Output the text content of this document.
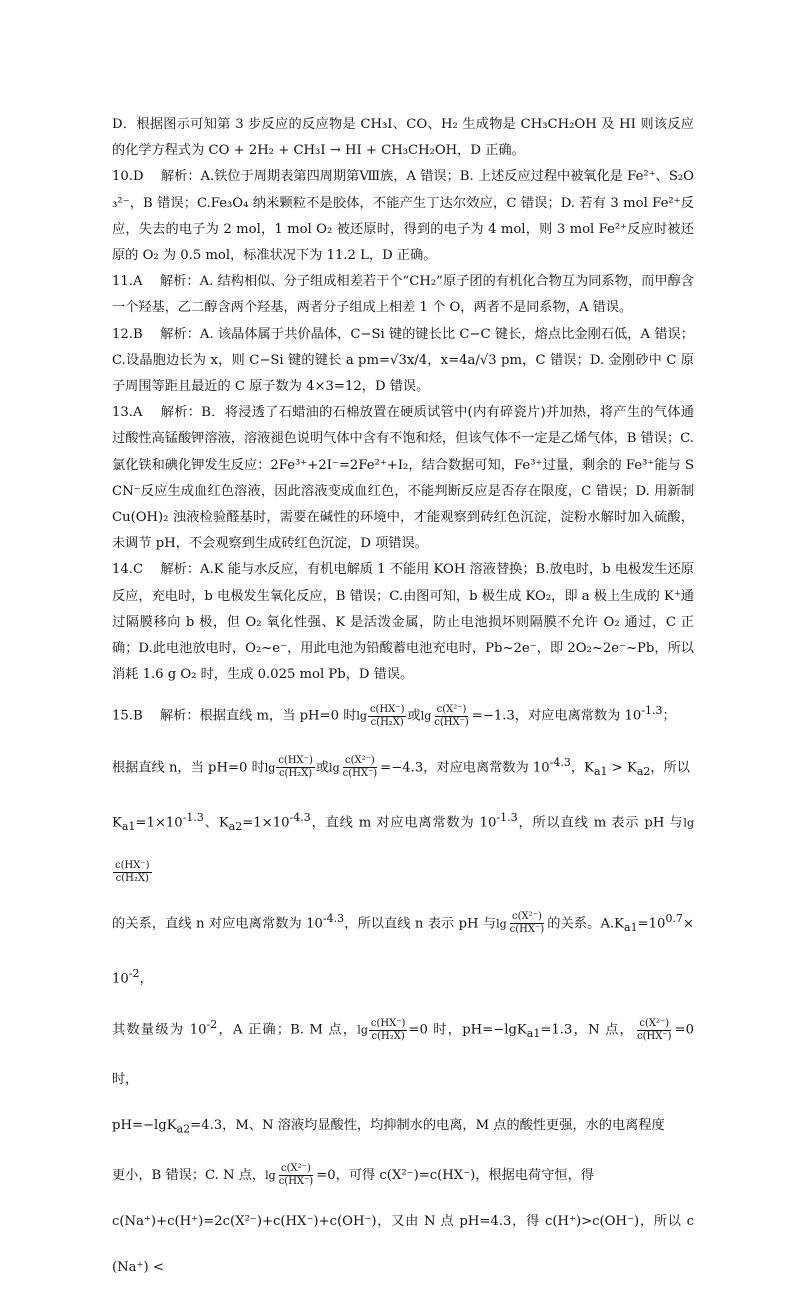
D．根据图示可知第 3 步反应的反应物是 CH₃I、CO、H₂ 生成物是 CH₃CH₂OH 及 HI 则该反应的化学方程式为 CO + 2H₂ + CH₃I → HI + CH₃CH₂OH，D 正确。

10.D　 解析：A.铁位于周期表第四周期第Ⅷ族，A 错误；B. 上述反应过程中被氧化是 Fe²⁺、S₂O₃²⁻，B 错误；C.Fe₃O₄ 纳米颗粒不是胶体，不能产生丁达尔效应，C 错误；D. 若有 3 mol Fe²⁺反应，失去的电子为 2 mol，1 mol O₂ 被还原时，得到的电子为 4 mol，则 3 mol Fe²⁺反应时被还原的 O₂ 为 0.5 mol，标准状况下为 11.2 L，D 正确。

11.A　 解析：A. 结构相似、分子组成相差若干个“CH₂”原子团的有机化合物互为同系物，而甲醇含一个羟基，乙二醇含两个羟基，两者分子组成上相差 1 个 O，两者不是同系物，A 错误。

12.B　 解析：A. 该晶体属于共价晶体，C−Si 键的键长比 C−C 键长，熔点比金刚石低，A 错误；C.设晶胞边长为 x，则 C−Si 键的键长 a pm=√3x/4，x=4a/√3 pm，C 错误；D. 金刚砂中 C 原子周围等距且最近的 C 原子数为 4×3=12，D 错误。

13.A　 解析：B．将浸透了石蜡油的石棉放置在硬质试管中(内有碎瓷片)并加热，将产生的气体通过酸性高锰酸钾溶液，溶液褪色说明气体中含有不饱和烃，但该气体不一定是乙烯气体，B 错误；C.氯化铁和碘化钾发生反应：2Fe³⁺+2I⁻=2Fe²⁺+I₂，结合数据可知，Fe³⁺过量，剩余的 Fe³⁺能与 SCN⁻反应生成血红色溶液，因此溶液变成血红色，不能判断反应是否存在限度，C 错误；D. 用新制 Cu(OH)₂ 浊液检验醛基时，需要在碱性的环境中，才能观察到砖红色沉淀，淀粉水解时加入硫酸，未调节 pH，不会观察到生成砖红色沉淀，D 项错误。

14.C　 解析：A.K 能与水反应，有机电解质 1 不能用 KOH 溶液替换；B.放电时，b 电极发生还原反应，充电时，b 电极发生氧化反应，B 错误；C.由图可知，b 极生成 KO₂，即 a 极上生成的 K⁺通过隔膜移向 b 极，但 O₂ 氧化性强、K 是活泼金属，防止电池损坏则隔膜不允许 O₂ 通过，C 正确；D.此电池放电时，O₂~e⁻，用此电池为铅酸蓄电池充电时，Pb~2e⁻，即 2O₂~2e⁻~Pb，所以消耗 1.6 g O₂ 时，生成 0.025 mol Pb，D 错误。

15.B　 解析：根据直线 m，当 pH=0 时$\lg \frac{c(HX^-)}{\text{c(H₂X)}}$ 或$\lg \frac{\text{c(X²⁻)}}{c(HX^-)} =-1.3$，对应电离常数为 $10^{-1.3}$；
根据直线 n，当 pH=0 时$\lg \frac{c(HX^-)}{\text{c(H₂X)}}$ 或$\lg \frac{\text{c(X²⁻)}}{c(HX^-)} =-4.3$，对应电离常数为 $10^{-4.3}$，$K_{a1} > K_{a2}$，所以
$K_{a1}=1\times 10^{-1.3}$、$K_{a2}=1\times 10^{-4.3}$，直线 m 对应电离常数为 $10^{-1.3}$，所以直线 m 表示 pH 与lg
$\frac{c(HX^-)}{\text{c(H₂X)}}$

的关系，直线 n 对应电离常数为 $10^{-4.3}$，所以直线 n 表示 pH 与$\lg \frac{\text{c(X²⁻)}}{c(HX^-)}$ 的关系。$A.K_{a1}=10^{0.7}\times 10^{-2}$，
其数量级为 $10^{-2}$，A 正确；B. M 点，$\lg \frac{c(HX^-)}{\text{c(H₂X)}} =0$ 时，pH=−lgK$_{a1}$=1.3，N 点， $\frac{\text{c(X²⁻)}}{c(HX^-)} =0$ 时，
pH=−lgK$_{a2}$=4.3，M、N 溶液均显酸性，均抑制水的电离，M 点的酸性更强，水的电离程度
更小，B 错误；C. N 点，$\lg \frac{\text{c(X²⁻)}}{c(HX^-)} =0$，可得 c(X²⁻)=c(HX⁻)，根据电荷守恒，得
c(Na⁺)+c(H⁺)=2c(X²⁻)+c(HX⁻)+c(OH⁻)，又由 N 点 pH=4.3，得 c(H⁺)>c(OH⁻)，所以 c(Na⁺) <
